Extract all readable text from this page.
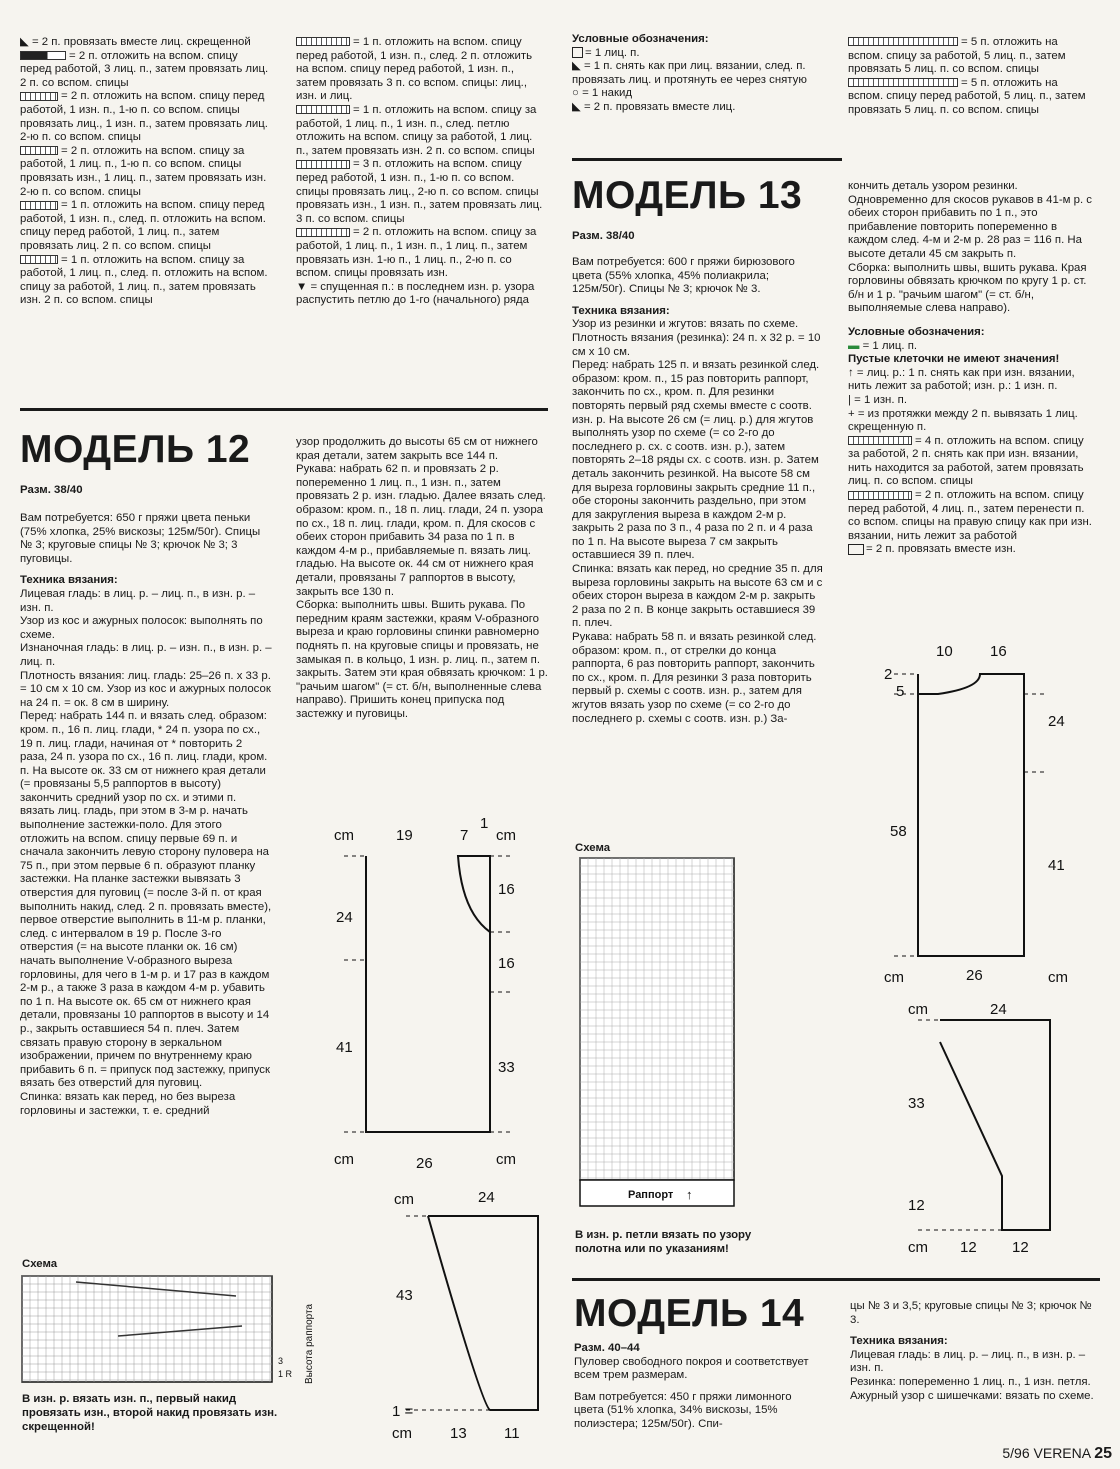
◣ = 2 п. провязать вместе лиц. скрещенной

= 2 п. отложить на вспом. спицу перед работой, 3 лиц. п., затем провязать лиц. 2 п. со вспом. спицы

= 2 п. отложить на вспом. спицу перед работой, 1 изн. п., 1-ю п. со вспом. спицы провязать лиц., 1 изн. п., затем провязать лиц. 2-ю п. со вспом. спицы

= 2 п. отложить на вспом. спицу за работой, 1 лиц. п., 1-ю п. со вспом. спицы провязать изн., 1 лиц. п., затем провязать изн. 2-ю п. со вспом. спицы

= 1 п. отложить на вспом. спицу перед работой, 1 изн. п., след. п. отложить на вспом. спицу перед работой, 1 лиц. п., затем провязать лиц. 2 п. со вспом. спицы

= 1 п. отложить на вспом. спицу за работой, 1 лиц. п., след. п. отложить на вспом. спицу за работой, 1 лиц. п., затем провязать изн. 2 п. со вспом. спицы

= 1 п. отложить на вспом. спицу перед работой, 1 изн. п., след. 2 п. отложить на вспом. спицу перед работой, 1 изн. п., затем провязать 3 п. со вспом. спицы: лиц., изн. и лиц.

= 1 п. отложить на вспом. спицу за работой, 1 лиц. п., 1 изн. п., след. петлю отложить на вспом. спицу за работой, 1 лиц. п., затем провязать изн. 2 п. со вспом. спицы

= 3 п. отложить на вспом. спицу перед работой, 1 изн. п., 1-ю п. со вспом. спицы провязать лиц., 2-ю п. со вспом. спицы провязать изн., 1 изн. п., затем провязать лиц. 3 п. со вспом. спицы

= 2 п. отложить на вспом. спицу за работой, 1 лиц. п., 1 изн. п., 1 лиц. п., затем провязать изн. 1-ю п., 1 лиц. п., 2-ю п. со вспом. спицы провязать изн.

▼ = спущенная п.: в последнем изн. р. узора распустить петлю до 1-го (начального) ряда

Условные обозначения:

= 1 лиц. п.

◣ = 1 п. снять как при лиц. вязании, след. п. провязать лиц. и протянуть ее через снятую

○ = 1 накид

◣ = 2 п. провязать вместе лиц.

= 5 п. отложить на вспом. спицу за работой, 5 лиц. п., затем провязать 5 лиц. п. со вспом. спицы

= 5 п. отложить на вспом. спицу перед работой, 5 лиц. п., затем провязать 5 лиц. п. со вспом. спицы

МОДЕЛЬ 12
Разм. 38/40

Вам потребуется: 650 г пряжи цвета пеньки (75% хлопка, 25% вискозы; 125м/50г). Спицы № 3; круговые спицы № 3; крючок № 3; 3 пуговицы.

Техника вязания:

Лицевая гладь: в лиц. р. – лиц. п., в изн. р. – изн. п.

Узор из кос и ажурных полосок: выполнять по схеме.

Изнаночная гладь: в лиц. р. – изн. п., в изн. р. – лиц. п.

Плотность вязания: лиц. гладь: 25–26 п. x 33 р. = 10 см x 10 см. Узор из кос и ажурных полосок на 24 п. = ок. 8 см в ширину.

Перед: набрать 144 п. и вязать след. образом: кром. п., 16 п. лиц. глади, * 24 п. узора по сх., 19 п. лиц. глади, начиная от * повторить 2 раза, 24 п. узора по сх., 16 п. лиц. глади, кром. п. На высоте ок. 33 см от нижнего края детали (= провязаны 5,5 раппортов в высоту) закончить средний узор по сх. и этими п. вязать лиц. гладь, при этом в 3-м р. начать выполнение застежки-поло. Для этого отложить на вспом. спицу первые 69 п. и сначала закончить левую сторону пуловера на 75 п., при этом первые 6 п. образуют планку застежки. На планке застежки вывязать 3 отверстия для пуговиц (= после 3-й п. от края выполнить накид, след. 2 п. провязать вместе), первое отверстие выполнить в 11-м р. планки, след. с интервалом в 19 р. После 3-го отверстия (= на высоте планки ок. 16 см) начать выполнение V-образного выреза горловины, для чего в 1-м р. и 17 раз в каждом 2-м р., а также 3 раза в каждом 4-м р. убавить по 1 п. На высоте ок. 65 см от нижнего края детали, провязаны 10 раппортов в высоту и 14 р., закрыть оставшиеся 54 п. плеч. Затем связать правую сторону в зеркальном изображении, причем по внутреннему краю прибавить 6 п. = припуск под застежку, припуск вязать без отверстий для пуговиц.

Спинка: вязать как перед, но без выреза горловины и застежки, т. е. средний

узор продолжить до высоты 65 см от нижнего края детали, затем закрыть все 144 п.

Рукава: набрать 62 п. и провязать 2 р. попеременно 1 лиц. п., 1 изн. п., затем провязать 2 р. изн. гладью. Далее вязать след. образом: кром. п., 18 п. лиц. глади, 24 п. узора по сх., 18 п. лиц. глади, кром. п. Для скосов с обеих сторон прибавить 34 раза по 1 п. в каждом 4-м р., прибавляемые п. вязать лиц. гладью. На высоте ок. 44 см от нижнего края детали, провязаны 7 раппортов в высоту, закрыть все 130 п.

Сборка: выполнить швы. Вшить рукава. По передним краям застежки, краям V-образного выреза и краю горловины спинки равномерно поднять п. на круговые спицы и провязать, не замыкая п. в кольцо, 1 изн. р. лиц. п., затем п. закрыть. Затем эти края обвязать крючком: 1 р. "рачьим шагом" (= ст. б/н, выполненные слева направо). Пришить конец припуска под застежку и пуговицы.

cm	19	7
1
cm
16
16
24
41
33
cm	26	cm
cm	24
43
1 =
cm	13 11
Схема
3
1 R Высота раппорта
В изн. р. вязать изн. п., первый накид провязать изн., второй накид провязать изн. скрещенной!
МОДЕЛЬ 13
Разм. 38/40

Вам потребуется: 600 г пряжи бирюзового цвета (55% хлопка, 45% полиакрила; 125м/50г). Спицы № 3; крючок № 3.

Техника вязания:

Узор из резинки и жгутов: вязать по схеме.

Плотность вязания (резинка): 24 п. x 32 р. = 10 см x 10 см.

Перед: набрать 125 п. и вязать резинкой след. образом: кром. п., 15 раз повторить раппорт, закончить по сх., кром. п. Для резинки повторять первый ряд схемы вместе с соотв. изн. р. На высоте 26 см (= лиц. р.) для жгутов выполнять узор по схеме (= со 2-го до последнего р. сх. с соотв. изн. р.), затем повторять 2–18 ряды сх. с соотв. изн. р. Затем деталь закончить резинкой. На высоте 58 см для выреза горловины закрыть средние 11 п., обе стороны закончить раздельно, при этом для закругления выреза в каждом 2-м р. закрыть 2 раза по 3 п., 4 раза по 2 п. и 4 раза по 1 п. На высоте выреза 7 см закрыть оставшиеся 39 п. плеч.

Спинка: вязать как перед, но средние 35 п. для выреза горловины закрыть на высоте 63 см и с обеих сторон выреза в каждом 2-м р. закрыть 2 раза по 2 п. В конце закрыть оставшиеся 39 п. плеч.

Рукава: набрать 58 п. и вязать резинкой след. образом: кром. п., от стрелки до конца раппорта, 6 раз повторить раппорт, закончить по сх., кром. п. Для резинки 3 раза повторить первый р. схемы с соотв. изн. р., затем для жгутов вязать узор по схеме (= со 2-го до последнего р. схемы с соотв. изн. р.) За-

кончить деталь узором резинки. Одновременно для скосов рукавов в 41-м р. с обеих сторон прибавить по 1 п., это прибавление повторить попеременно в каждом след. 4-м и 2-м р. 28 раз = 116 п. На высоте детали 45 см закрыть п.

Сборка: выполнить швы, вшить рукава. Края горловины обвязать крючком по кругу 1 р. ст. б/н и 1 р. "рачьим шагом" (= ст. б/н, выполняемые слева направо).

Условные обозначения:

▬ = 1 лиц. п.

Пустые клеточки не имеют значения!

↑ = лиц. р.: 1 п. снять как при изн. вязании, нить лежит за работой; изн. р.: 1 изн. п.

| = 1 изн. п.

+ = из протяжки между 2 п. вывязать 1 лиц. скрещенную п.

= 4 п. отложить на вспом. спицу за работой, 2 п. снять как при изн. вязании, нить находится за работой, затем провязать лиц. п. со вспом. спицы

= 2 п. отложить на вспом. спицу перед работой, 4 лиц. п., затем перенести п. со вспом. спицы на правую спицу как при изн. вязании, нить лежит за работой

= 2 п. провязать вместе изн.

Схема
Раппорт ↑
В изн. р. петли вязать по узору полотна или по указаниям!
10 16
2
5
24
58
41
cm	26	cm
cm	24
33
12
cm 12 12
МОДЕЛЬ 14

Разм. 40–44

Пуловер свободного покроя и соответствует всем трем размерам.

Вам потребуется: 450 г пряжи лимонного цвета (51% хлопка, 34% вискозы, 15% полиэстера; 125м/50г). Спи-

цы № 3 и 3,5; круговые спицы № 3; крючок № 3.

Техника вязания:

Лицевая гладь: в лиц. р. – лиц. п., в изн. р. – изн. п.

Резинка: попеременно 1 лиц. п., 1 изн. петля.

Ажурный узор с шишечками: вязать по схеме.

5/96 VERENA 25
